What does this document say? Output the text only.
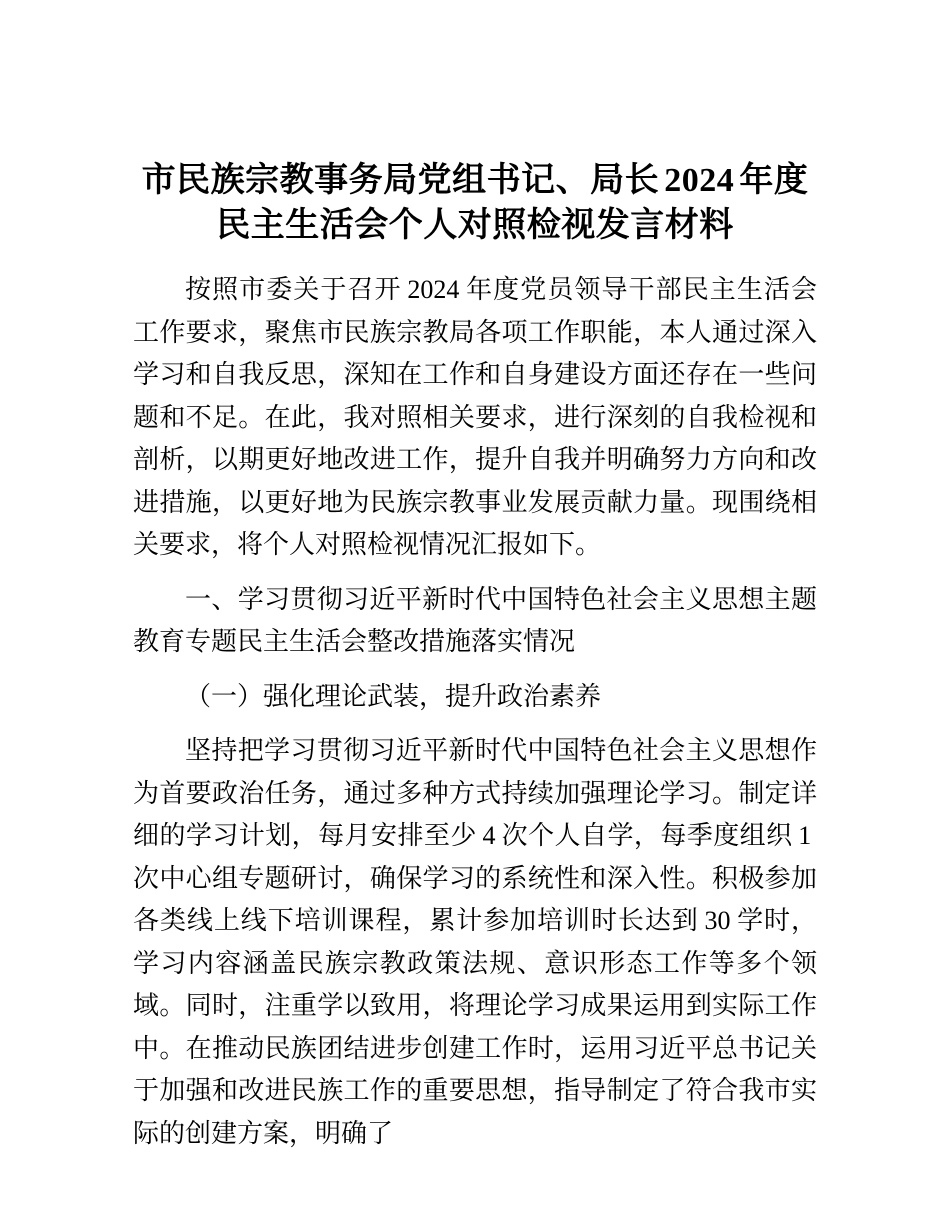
市民族宗教事务局党组书记、局长 2024 年度民主生活会个人对照检视发言材料

按照市委关于召开 2024 年度党员领导干部民主生活会工作要求，聚焦市民族宗教局各项工作职能，本人通过深入学习和自我反思，深知在工作和自身建设方面还存在一些问题和不足。在此，我对照相关要求，进行深刻的自我检视和剖析，以期更好地改进工作，提升自我并明确努力方向和改进措施，以更好地为民族宗教事业发展贡献力量。现围绕相关要求，将个人对照检视情况汇报如下。

一、学习贯彻习近平新时代中国特色社会主义思想主题教育专题民主生活会整改措施落实情况

（一）强化理论武装，提升政治素养

坚持把学习贯彻习近平新时代中国特色社会主义思想作为首要政治任务，通过多种方式持续加强理论学习。制定详细的学习计划，每月安排至少 4 次个人自学，每季度组织 1次中心组专题研讨，确保学习的系统性和深入性。积极参加各类线上线下培训课程，累计参加培训时长达到 30 学时，学习内容涵盖民族宗教政策法规、意识形态工作等多个领域。同时，注重学以致用，将理论学习成果运用到实际工作中。在推动民族团结进步创建工作时，运用习近平总书记关于加强和改进民族工作的重要思想，指导制定了符合我市实际的创建方案，明确了
